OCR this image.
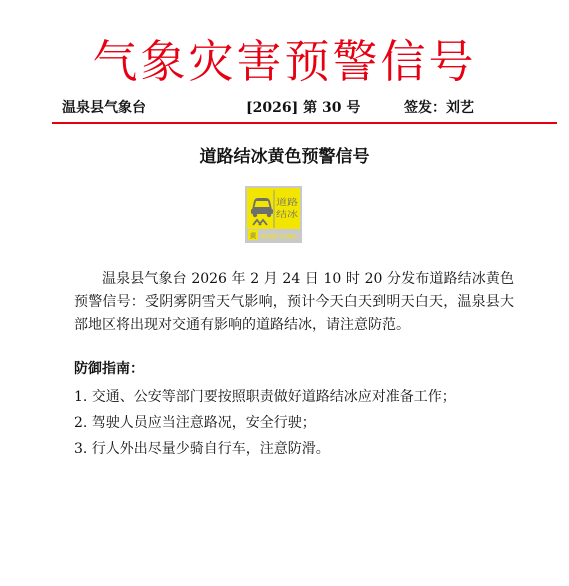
气象灾害预警信号
温泉县气象台	[2026] 第 30 号	签发：刘艺
道路结冰黄色预警信号
道路
结冰
黄 ROAD ICING

温泉县气象台 2026 年 2 月 24 日 10 时 20 分发布道路结冰黄色预警信号：受阴雾阴雪天气影响，预计今天白天到明天白天，温泉县大部地区将出现对交通有影响的道路结冰，请注意防范。

防御指南：
1. 交通、公安等部门要按照职责做好道路结冰应对准备工作；
2. 驾驶人员应当注意路况，安全行驶；
3. 行人外出尽量少骑自行车，注意防滑。
